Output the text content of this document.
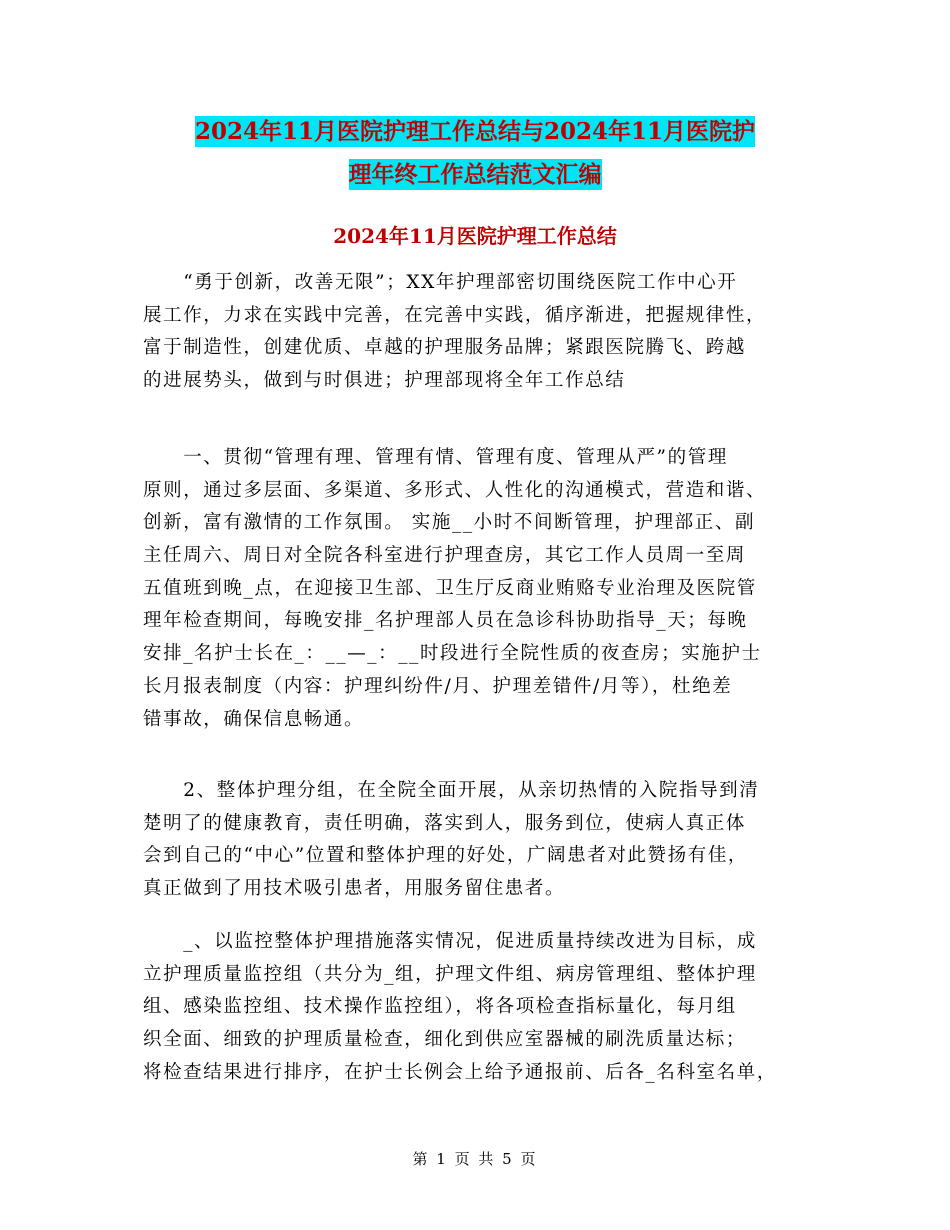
2024年11月医院护理工作总结与2024年11月医院护
理年终工作总结范文汇编
2024年11月医院护理工作总结
　　“勇于创新，改善无限”；XX年护理部密切围绕医院工作中心开
展工作，力求在实践中完善，在完善中实践，循序渐进，把握规律性，
富于制造性，创建优质、卓越的护理服务品牌；紧跟医院腾飞、跨越
的进展势头，做到与时俱进；护理部现将全年工作总结
　　一、贯彻“管理有理、管理有情、管理有度、管理从严”的管理
原则，通过多层面、多渠道、多形式、人性化的沟通模式，营造和谐、
创新，富有激情的工作氛围。 实施__小时不间断管理，护理部正、副
主任周六、周日对全院各科室进行护理查房，其它工作人员周一至周
五值班到晚_点，在迎接卫生部、卫生厅反商业贿赂专业治理及医院管
理年检查期间，每晚安排_名护理部人员在急诊科协助指导_天；每晚
安排_名护士长在_：__—_：__时段进行全院性质的夜查房；实施护士
长月报表制度（内容：护理纠纷件/月、护理差错件/月等），杜绝差
错事故，确保信息畅通。
　　2、整体护理分组，在全院全面开展，从亲切热情的入院指导到清
楚明了的健康教育，责任明确，落实到人，服务到位，使病人真正体
会到自己的“中心”位置和整体护理的好处，广阔患者对此赞扬有佳，
真正做到了用技术吸引患者，用服务留住患者。
　　_、以监控整体护理措施落实情况，促进质量持续改进为目标，成
立护理质量监控组（共分为_组，护理文件组、病房管理组、整体护理
组、感染监控组、技术操作监控组），将各项检查指标量化，每月组
织全面、细致的护理质量检查，细化到供应室器械的刷洗质量达标；
将检查结果进行排序，在护士长例会上给予通报前、后各_名科室名单，
第 1 页 共 5 页
